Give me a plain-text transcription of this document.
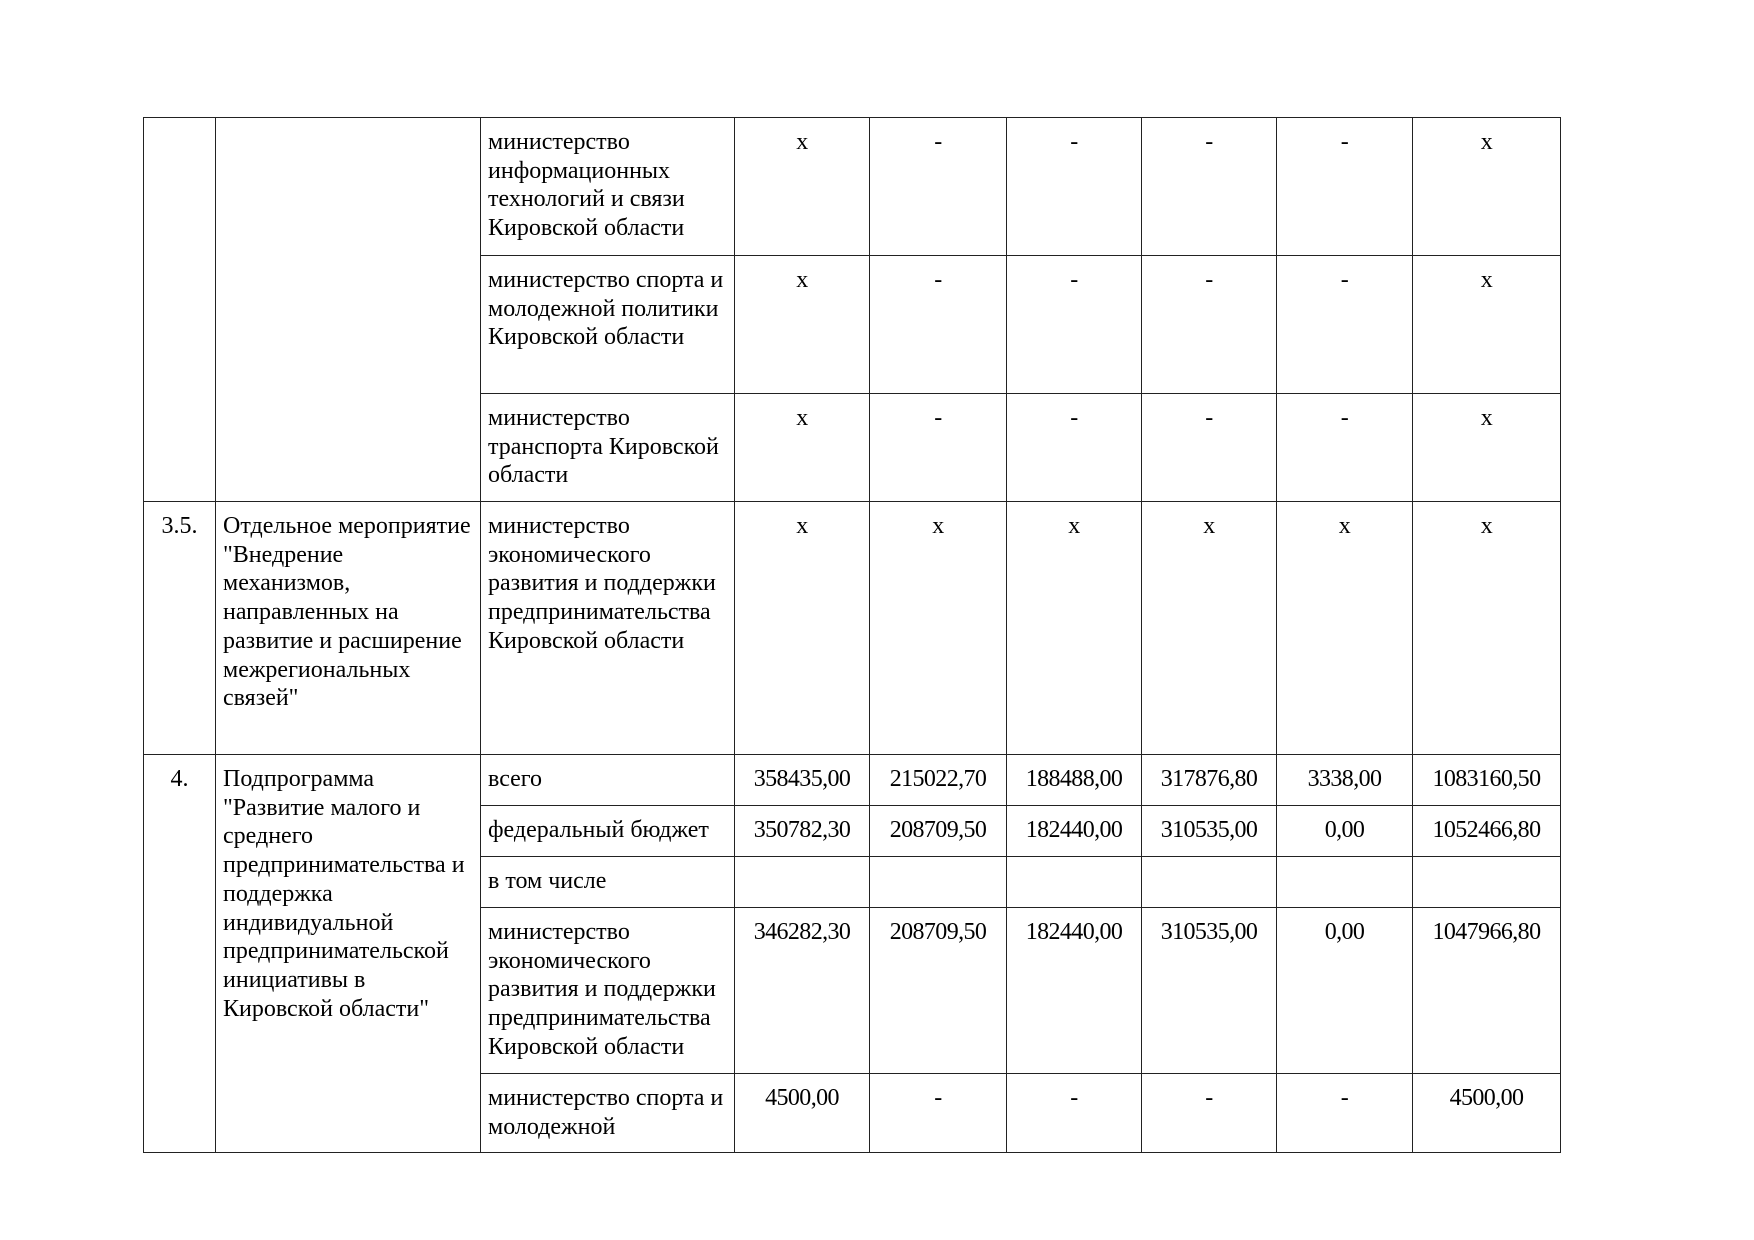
		министерство информационных технологий и связи Кировской области	х	-	-	-	-	х
		министерство спорта и молодежной политики Кировской области	х	-	-	-	-	х
		министерство транспорта Кировской области	х	-	-	-	-	х
3.5.	Отдельное мероприятие "Внедрение механизмов, направленных на развитие и расширение межрегиональных связей"	министерство экономического развития и поддержки предпринимательства Кировской области	х	х	х	х	х	х
4.	Подпрограмма "Развитие малого и среднего предпринимательства и поддержка индивидуальной предпринимательской инициативы в Кировской области"	всего	358435,00	215022,70	188488,00	317876,80	3338,00	1083160,50
		федеральный бюджет	350782,30	208709,50	182440,00	310535,00	0,00	1052466,80
		в том числе						
		министерство экономического развития и поддержки предпринимательства Кировской области	346282,30	208709,50	182440,00	310535,00	0,00	1047966,80
		министерство спорта и молодежной	4500,00	-	-	-	-	4500,00
